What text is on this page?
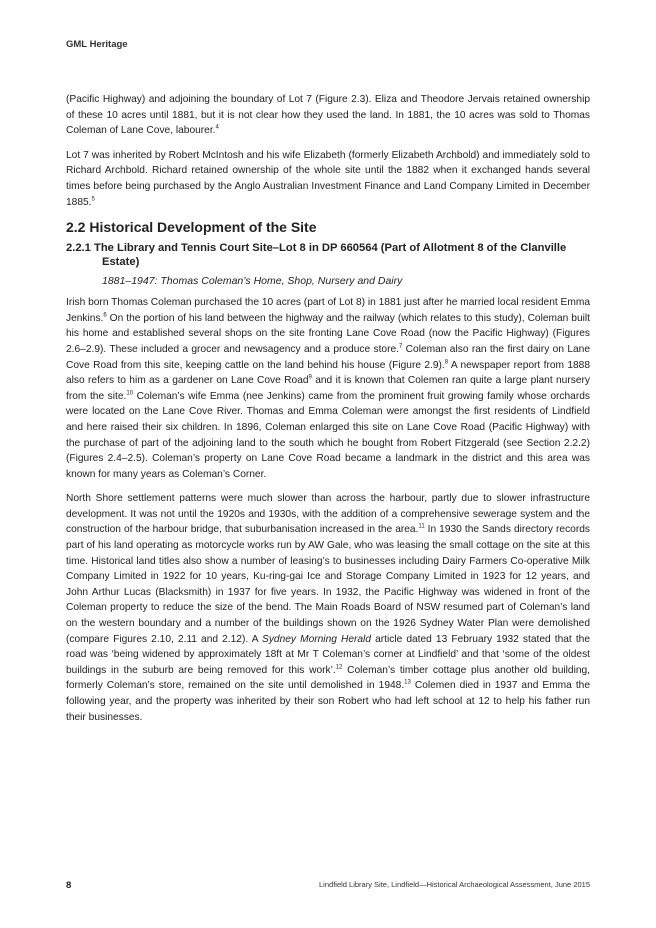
GML Heritage

(Pacific Highway) and adjoining the boundary of Lot 7 (Figure 2.3). Eliza and Theodore Jervais retained ownership of these 10 acres until 1881, but it is not clear how they used the land. In 1881, the 10 acres was sold to Thomas Coleman of Lane Cove, labourer.$^4$

Lot 7 was inherited by Robert McIntosh and his wife Elizabeth (formerly Elizabeth Archbold) and immediately sold to Richard Archbold. Richard retained ownership of the whole site until the 1882 when it exchanged hands several times before being purchased by the Anglo Australian Investment Finance and Land Company Limited in December 1885.$^5$

2.2 Historical Development of the Site
2.2.1 The Library and Tennis Court Site–Lot 8 in DP 660564 (Part of Allotment 8 of the Clanville Estate)
1881–1947: Thomas Coleman’s Home, Shop, Nursery and Dairy

Irish born Thomas Coleman purchased the 10 acres (part of Lot 8) in 1881 just after he married local resident Emma Jenkins.$^6$ On the portion of his land between the highway and the railway (which relates to this study), Coleman built his home and established several shops on the site fronting Lane Cove Road (now the Pacific Highway) (Figures 2.6–2.9). These included a grocer and newsagency and a produce store.$^7$ Coleman also ran the first dairy on Lane Cove Road from this site, keeping cattle on the land behind his house (Figure 2.9).$^8$ A newspaper report from 1888 also refers to him as a gardener on Lane Cove Road$^9$ and it is known that Colemen ran quite a large plant nursery from the site.$^{10}$ Coleman’s wife Emma (nee Jenkins) came from the prominent fruit growing family whose orchards were located on the Lane Cove River. Thomas and Emma Coleman were amongst the first residents of Lindfield and here raised their six children. In 1896, Coleman enlarged this site on Lane Cove Road (Pacific Highway) with the purchase of part of the adjoining land to the south which he bought from Robert Fitzgerald (see Section 2.2.2) (Figures 2.4–2.5). Coleman’s property on Lane Cove Road became a landmark in the district and this area was known for many years as Coleman’s Corner.

North Shore settlement patterns were much slower than across the harbour, partly due to slower infrastructure development. It was not until the 1920s and 1930s, with the addition of a comprehensive sewerage system and the construction of the harbour bridge, that suburbanisation increased in the area.$^{11}$ In 1930 the Sands directory records part of his land operating as motorcycle works run by AW Gale, who was leasing the small cottage on the site at this time. Historical land titles also show a number of leasing’s to businesses including Dairy Farmers Co-operative Milk Company Limited in 1922 for 10 years, Ku-ring-gai Ice and Storage Company Limited in 1923 for 12 years, and John Arthur Lucas (Blacksmith) in 1937 for five years. In 1932, the Pacific Highway was widened in front of the Coleman property to reduce the size of the bend. The Main Roads Board of NSW resumed part of Coleman’s land on the western boundary and a number of the buildings shown on the 1926 Sydney Water Plan were demolished (compare Figures 2.10, 2.11 and 2.12). A Sydney Morning Herald article dated 13 February 1932 stated that the road was ‘being widened by approximately 18ft at Mr T Coleman’s corner at Lindfield’ and that ‘some of the oldest buildings in the suburb are being removed for this work’.$^{12}$ Coleman’s timber cottage plus another old building, formerly Coleman’s store, remained on the site until demolished in 1948.13 Colemen died in 1937 and Emma the following year, and the property was inherited by their son Robert who had left school at 12 to help his father run their businesses.

8	Lindfield Library Site, Lindfield—Historical Archaeological Assessment, June 2015
